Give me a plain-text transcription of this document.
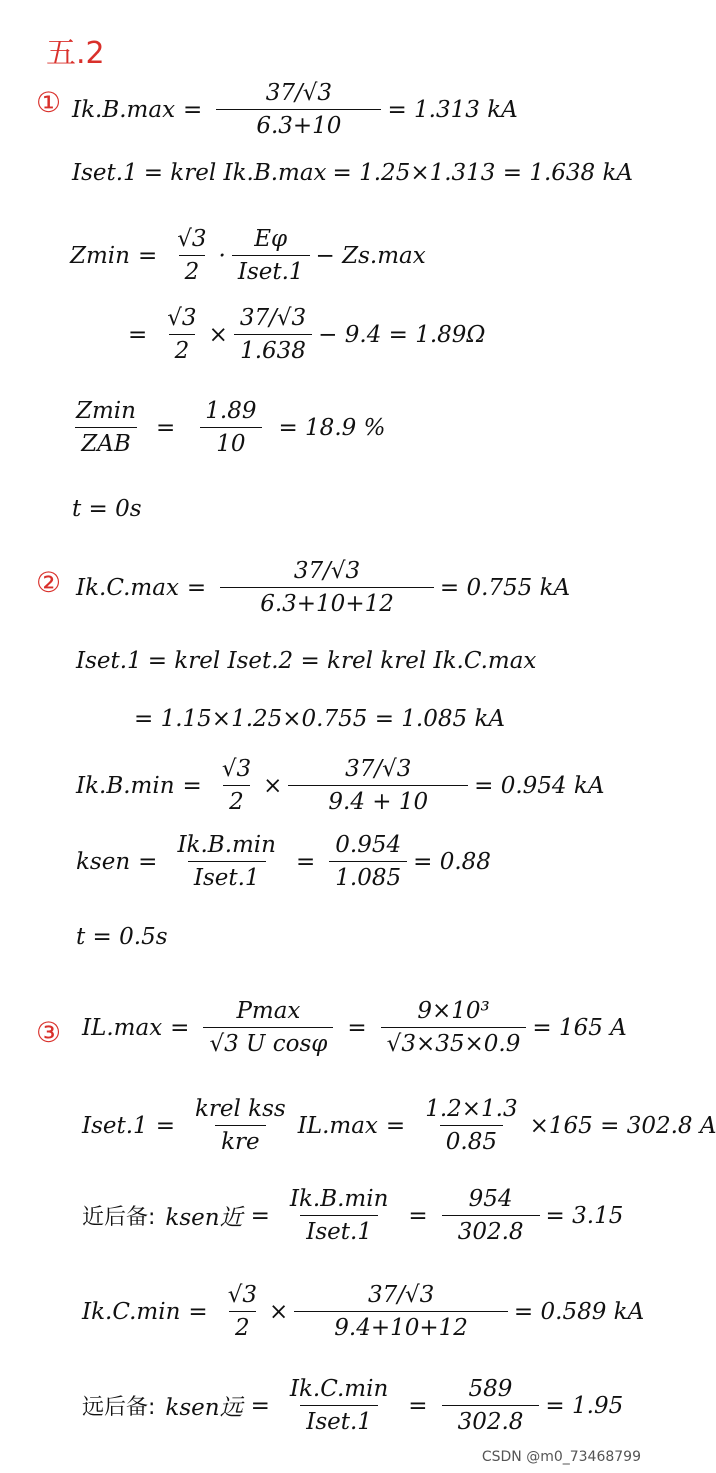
五.2
① $Ik.B.\max = \frac{37/√3}{6.3+10} = 1.313$ kA
Iset.1 = krel Ik.B.max = 1.25×1.313 = 1.638 kA
$Zmin = \frac{√3}{2} \cdot \frac{E\varphi}{\text{Iset.1}} - Zs.\max$
= $\frac{√3}{2} \times \frac{37/√3}{1.638} - 9.4 = 1.89\Omega$
$\frac{Zmin}{\text{ZAB}} = \frac{1.89}{10} = 18.9$ %
t = 0s
② $Ik.C.\max = \frac{37/√3}{6.3+10+12} = 0.755$ kA
Iset.1 = krel Iset.2 = krel krel Ik.C.max
= 1.15×1.25×0.755 = 1.085 kA
$Ik.B.\min = \frac{√3}{2} \times \frac{37/√3}{9.4 + 10} = 0.954$ kA
ksen = $\frac{Ik.B.\min}{\text{Iset.1}} = \frac{0.954}{1.085} = 0.88$
t = 0.5s
③ $IL.\max = \frac{Pmax}{\text{√3 U cosφ}} = \frac{\text{9×10³}}{√3\times 35\times 0.9} = 165$ A
Iset.1 = $\frac{\text{krel kss}}{\text{kre}} IL.\max = \frac{1.2\times 1.3}{0.85} \times 165 = 302.8$ A
近后备: ksen近 = $\frac{Ik.B.\min}{\text{Iset.1}} = \frac{954}{302.8} = 3.15$
$Ik.C.\min = \frac{√3}{2} \times \frac{37/√3}{9.4+10+12} = 0.589$ kA
远后备: ksen远 = $\frac{Ik.C.\min}{\text{Iset.1}} = \frac{589}{302.8} = 1.95$
CSDN @m0_73468799
